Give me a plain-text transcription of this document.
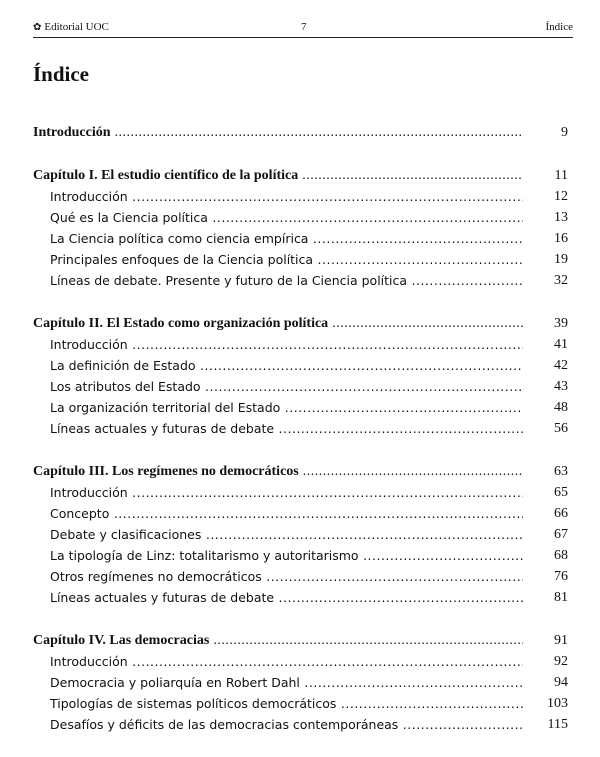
✿ Editorial UOC	7	Índice
Índice
Introducción .....	9
Capítulo I. El estudio científico de la política .....	11
Introducción .....	12
Qué es la Ciencia política .....	13
La Ciencia política como ciencia empírica .....	16
Principales enfoques de la Ciencia política .....	19
Líneas de debate. Presente y futuro de la Ciencia política .....	32
Capítulo II. El Estado como organización política .....	39
Introducción .....	41
La definición de Estado .....	42
Los atributos del Estado .....	43
La organización territorial del Estado .....	48
Líneas actuales y futuras de debate .....	56
Capítulo III. Los regímenes no democráticos .....	63
Introducción .....	65
Concepto .....	66
Debate y clasificaciones .....	67
La tipología de Linz: totalitarismo y autoritarismo .....	68
Otros regímenes no democráticos .....	76
Líneas actuales y futuras de debate .....	81
Capítulo IV. Las democracias .....	91
Introducción .....	92
Democracia y poliarquía en Robert Dahl .....	94
Tipologías de sistemas políticos democráticos .....	103
Desafíos y déficits de las democracias contemporáneas .....	115
